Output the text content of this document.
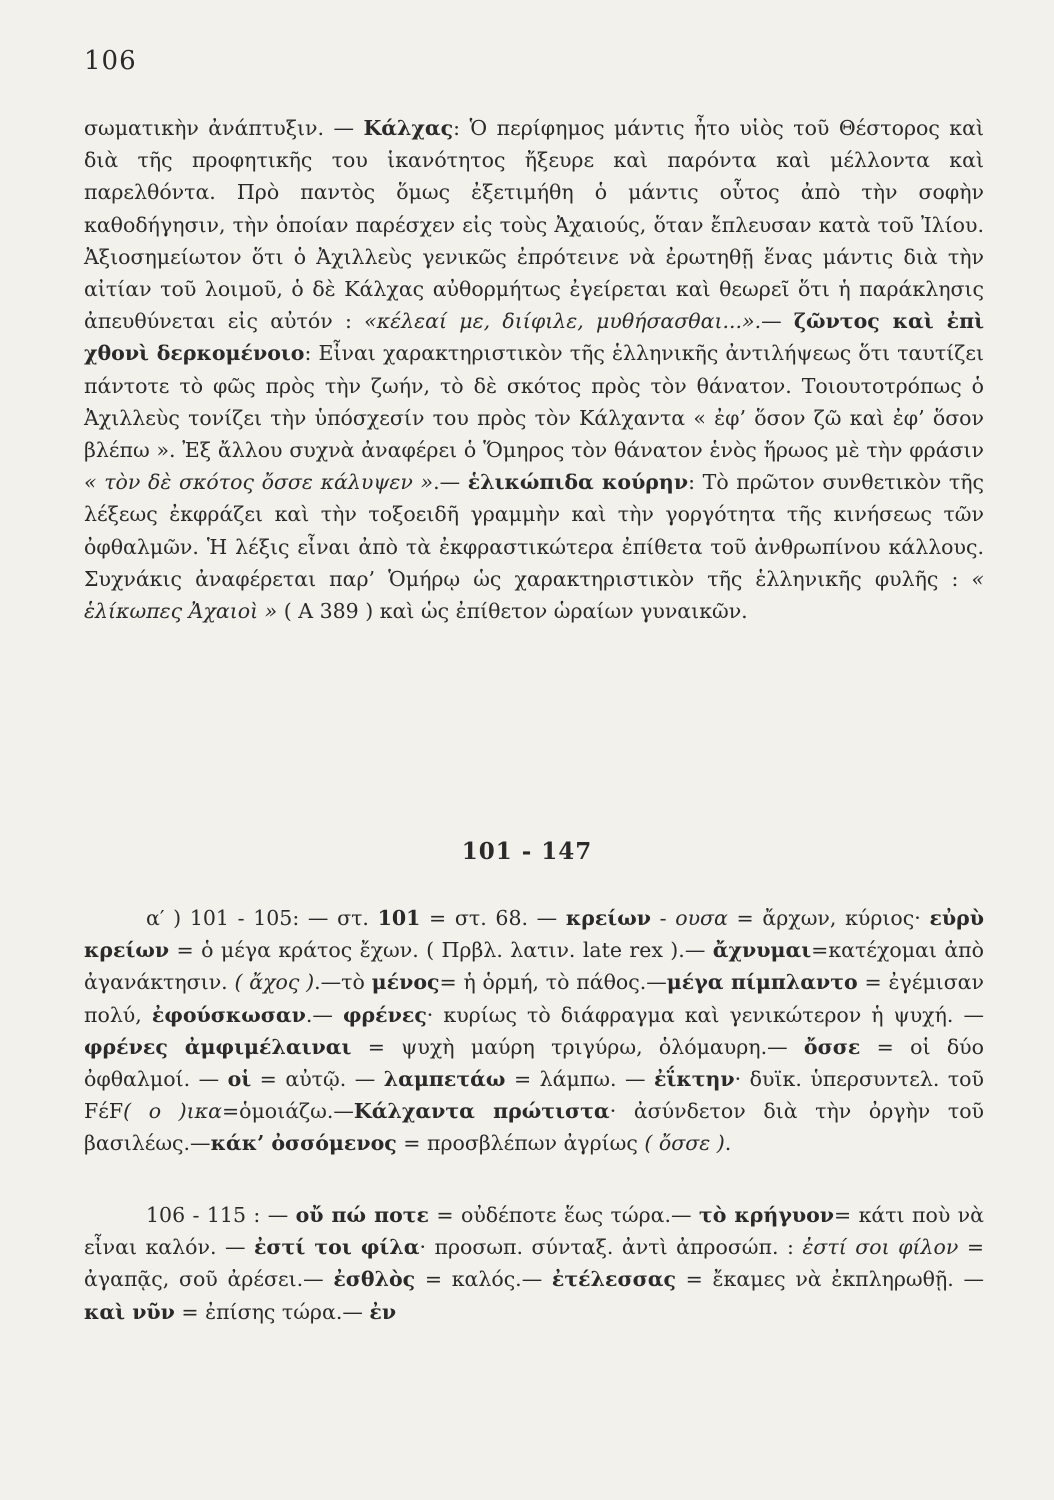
106

σωματικὴν ἀνάπτυξιν. — Κάλχας: Ὁ περίφημος μάντις ἦτο υἱὸς τοῦ Θέστορος καὶ διὰ τῆς προφητικῆς του ἱκανότητος ἤξευρε καὶ παρόντα καὶ μέλλοντα καὶ παρελθόντα. Πρὸ παντὸς ὅμως ἐξετιμήθη ὁ μάντις οὗτος ἀπὸ τὴν σοφὴν καθοδήγησιν, τὴν ὁποίαν παρέσχεν εἰς τοὺς Ἀχαιούς, ὅταν ἔπλευσαν κατὰ τοῦ Ἰλίου. Ἀξιοσημείωτον ὅτι ὁ Ἀχιλλεὺς γενικῶς ἐπρότεινε νὰ ἐρωτηθῇ ἕνας μάντις διὰ τὴν αἰτίαν τοῦ λοιμοῦ, ὁ δὲ Κάλχας αὐθορμήτως ἐγείρεται καὶ θεωρεῖ ὅτι ἡ παράκλησις ἀπευθύνεται εἰς αὐτόν : «κέλεαί με, διίφιλε, μυθήσασθαι...».— ζῶντος καὶ ἐπὶ χθονὶ δερκομένοιο: Εἶναι χαρακτηριστικὸν τῆς ἑλληνικῆς ἀντιλήψεως ὅτι ταυτίζει πάντοτε τὸ φῶς πρὸς τὴν ζωήν, τὸ δὲ σκότος πρὸς τὸν θάνατον. Τοιουτοτρόπως ὁ Ἀχιλλεὺς τονίζει τὴν ὑπόσχεσίν του πρὸς τὸν Κάλχαντα « ἐφ’ ὅσον ζῶ καὶ ἐφ’ ὅσον βλέπω ». Ἐξ ἄλλου συχνὰ ἀναφέρει ὁ Ὅμηρος τὸν θάνατον ἑνὸς ἥρωος μὲ τὴν φράσιν « τὸν δὲ σκότος ὄσσε κάλυψεν ».— ἑλικώπιδα κούρην: Τὸ πρῶτον συνθετικὸν τῆς λέξεως ἐκφράζει καὶ τὴν τοξοειδῆ γραμμὴν καὶ τὴν γοργότητα τῆς κινήσεως τῶν ὀφθαλμῶν. Ἡ λέξις εἶναι ἀπὸ τὰ ἐκφραστικώτερα ἐπίθετα τοῦ ἀνθρωπίνου κάλλους. Συχνάκις ἀναφέρεται παρ’ Ὁμήρῳ ὡς χαρακτηριστικὸν τῆς ἑλληνικῆς φυλῆς : « ἑλίκωπες Ἀχαιοὶ » ( Α 389 ) καὶ ὡς ἐπίθετον ὡραίων γυναικῶν.

101 - 147

α′ ) 101 - 105: — στ. 101 = στ. 68. — κρείων - ουσα = ἄρχων, κύριος· εὐρὺ κρείων = ὁ μέγα κράτος ἔχων. ( Πρβλ. λατιν. late rex ).— ἄχνυμαι=κατέχομαι ἀπὸ ἀγανάκτησιν. ( ἄχος ).—τὸ μένος= ἡ ὁρμή, τὸ πάθος.—μέγα πίμπλαντο = ἐγέμισαν πολύ, ἐφούσκωσαν.— φρένες· κυρίως τὸ διάφραγμα καὶ γενικώτερον ἡ ψυχή. — φρένες ἀμφιμέλαιναι = ψυχὴ μαύρη τριγύρω, ὁλόμαυρη.— ὄσσε = οἱ δύο ὀφθαλμοί. — οἱ = αὐτῷ. — λαμπετάω = λάμπω. — ἐΐκτην· δυϊκ. ὑπερσυντελ. τοῦ FέF( ο )ικα=ὁμοιάζω.—Κάλχαντα πρώτιστα· ἀσύνδετον διὰ τὴν ὀργὴν τοῦ βασιλέως.—κάκ’ ὀσσόμενος = προσβλέπων ἀγρίως ( ὄσσε ).

106 - 115 : — οὔ πώ ποτε = οὐδέποτε ἕως τώρα.— τὸ κρήγυον= κάτι ποὺ νὰ εἶναι καλόν. — ἐστί τοι φίλα· προσωπ. σύνταξ. ἀντὶ ἀπροσώπ. : ἐστί σοι φίλον = ἀγαπᾷς, σοῦ ἀρέσει.— ἐσθλὸς = καλός.— ἐτέλεσσας = ἔκαμες νὰ ἐκπληρωθῇ. — καὶ νῦν = ἐπίσης τώρα.— ἐν
